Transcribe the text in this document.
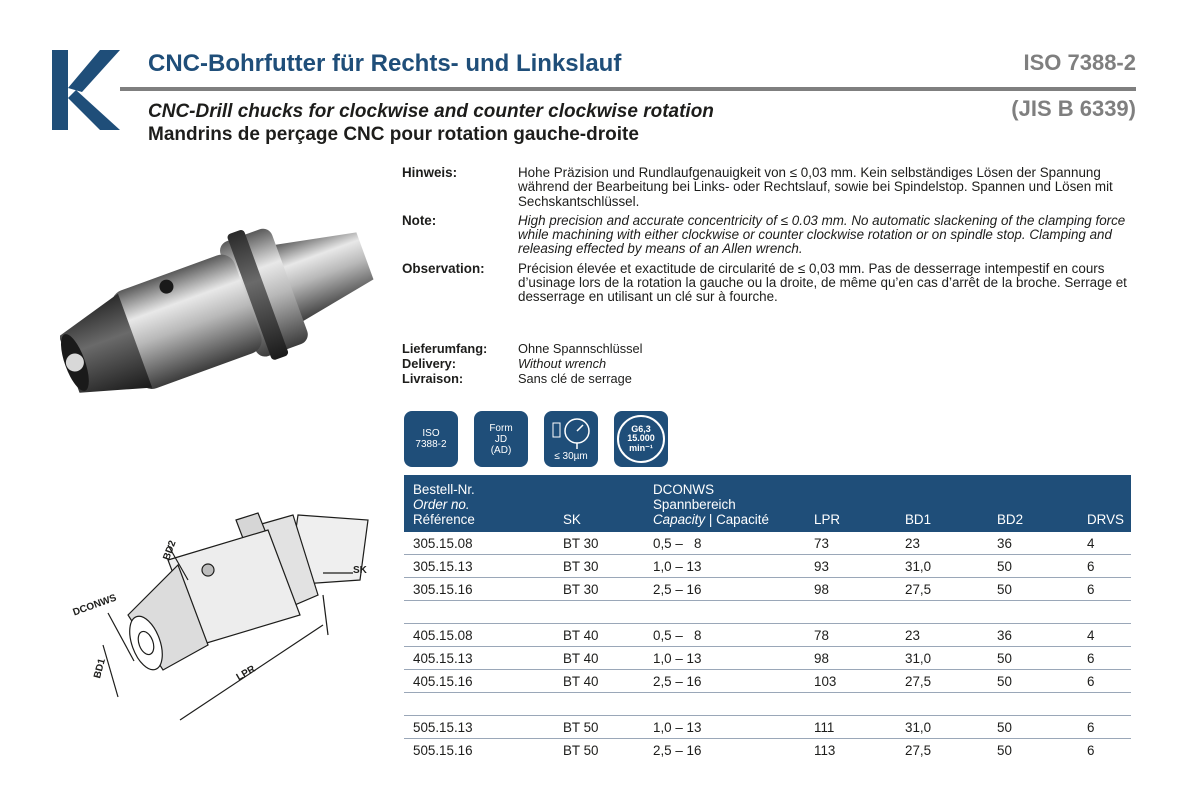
CNC-Bohrfutter für Rechts- und Linkslauf	ISO 7388-2
(JIS B 6339)
CNC-Drill chucks for clockwise and counter clockwise rotation
Mandrins de perçage CNC pour rotation gauche-droite
BD2
SK
DCONWS
BD1	LPR
Hinweis:	Hohe Präzision und Rundlaufgenauigkeit von ≤ 0,03 mm. Kein selbständiges Lösen der Spannung während der Bearbeitung bei Links- oder Rechtslauf, sowie bei Spindelstop. Spannen und Lösen mit Sechskantschlüssel.
Note:	High precision and accurate concentricity of ≤ 0.03 mm. No automatic slackening of the clamping force while machining with either clockwise or counter clockwise rotation or on spindle stop. Clamping and releasing effected by means of an Allen wrench.
Observation:	Précision élevée et exactitude de circularité de ≤ 0,03 mm. Pas de desserrage intempestif en cours d’usinage lors de la rotation la gauche ou la droite, de même qu’en cas d’arrêt de la broche. Serrage et desserrage en utilisant un clé sur à fourche.
Lieferumfang:	Ohne Spannschlüssel
Delivery:	Without wrench
Livraison:	Sans clé de serrage
ISO
7388-2
Form
JD
(AD)
≤ 30µm
G6,3
15.000
min⁻¹
Bestell-Nr.
Order no.
Référence	SK
DCONWS
Spannbereich
Capacity | Capacité	LPR	BD1	BD2	DRVS
305.15.08	BT 30	0,5 –   8	73	23	36	4
305.15.13	BT 30	1,0 – 13	93	31,0	50	6
305.15.16	BT 30	2,5 – 16	98	27,5	50	6
405.15.08	BT 40	0,5 –   8	78	23	36	4
405.15.13	BT 40	1,0 – 13	98	31,0	50	6
405.15.16	BT 40	2,5 – 16	103	27,5	50	6
505.15.13	BT 50	1,0 – 13	111	31,0	50	6
505.15.16	BT 50	2,5 – 16	113	27,5	50	6
